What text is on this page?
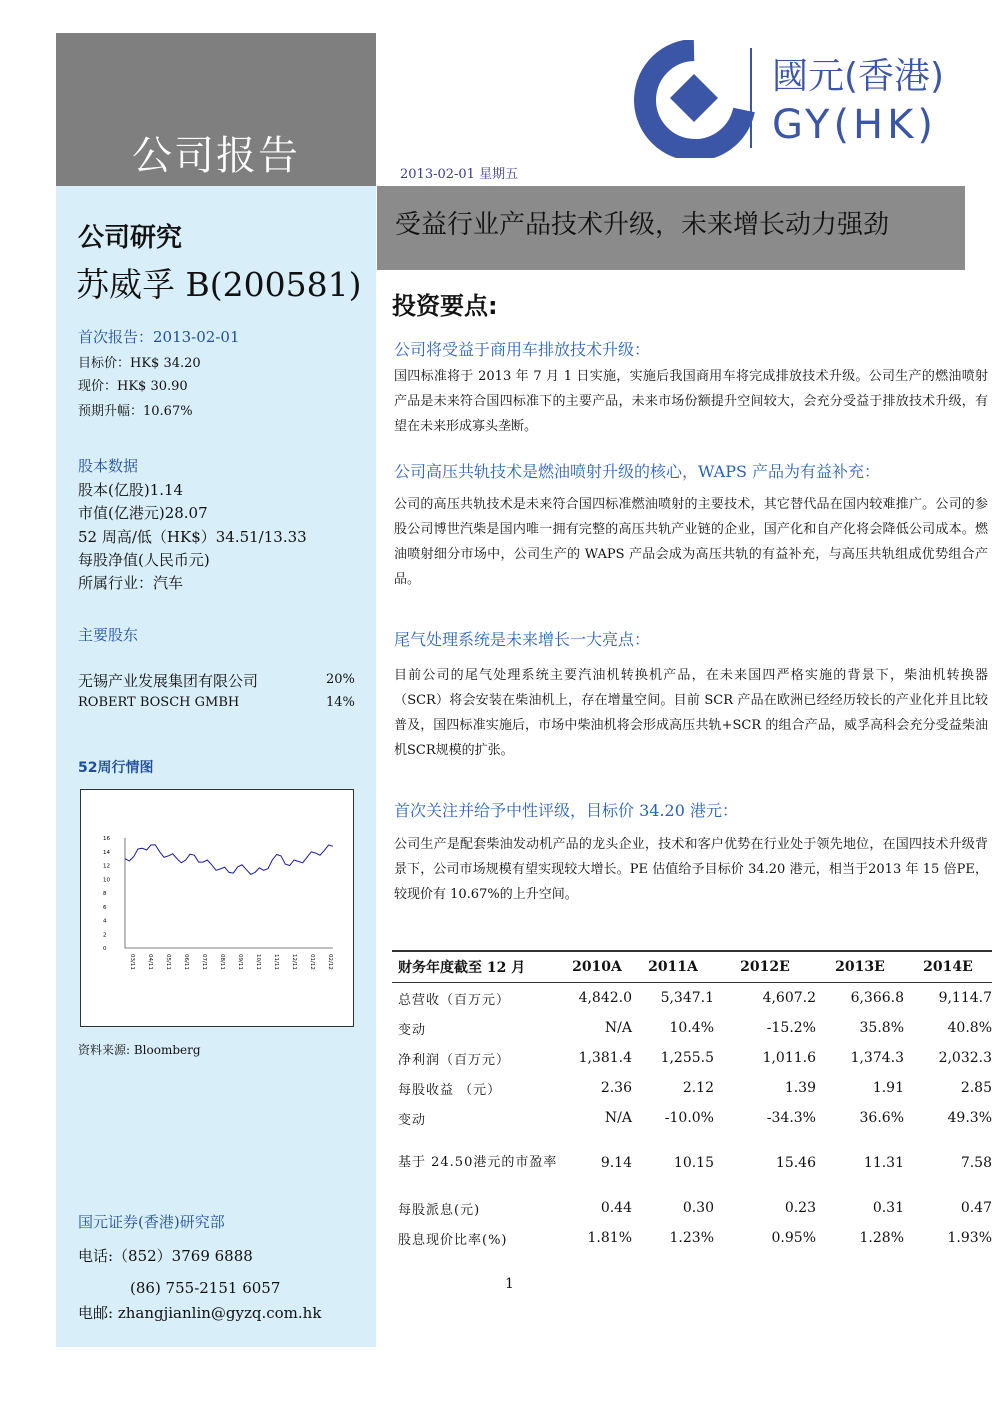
公司报告
國元(香港)
GY(HK)
2013-02-01 星期五
受益行业产品技术升级，未来增长动力强劲
公司研究
苏威孚 B(200581)
首次报告：2013-02-01
目标价：HK$ 34.20
现价：HK$ 30.90
预期升幅：10.67%
股本数据
股本(亿股)1.14
市值(亿港元)28.07
52 周高/低（HK$）34.51/13.33
每股净值(人民币元)
所属行业：汽车
主要股东
无锡产业发展集团有限公司	20%
ROBERT BOSCH GMBH	14%
52周行情图
16
14
12
10
8
6
4
2
0
03/11 04/11 05/11 06/11 07/11 08/11 09/11 10/11 11/11 12/11 01/12 02/12
资料来源: Bloomberg
国元证券(香港)研究部
电话:（852）3769 6888
(86) 755-2151 6057
电邮: zhangjianlin@gyzq.com.hk
投资要点:
公司将受益于商用车排放技术升级：
国四标准将于 2013 年 7 月 1 日实施，实施后我国商用车将完成排放技术升级。公司生产的燃油喷射产品是未来符合国四标准下的主要产品，未来市场份额提升空间较大，会充分受益于排放技术升级，有望在未来形成寡头垄断。
公司高压共轨技术是燃油喷射升级的核心，WAPS 产品为有益补充：
公司的高压共轨技术是未来符合国四标准燃油喷射的主要技术，其它替代品在国内较难推广。公司的参股公司博世汽柴是国内唯一拥有完整的高压共轨产业链的企业，国产化和自产化将会降低公司成本。燃油喷射细分市场中，公司生产的 WAPS 产品会成为高压共轨的有益补充，与高压共轨组成优势组合产品。
尾气处理系统是未来增长一大亮点：
目前公司的尾气处理系统主要汽油机转换机产品，在未来国四严格实施的背景下，柴油机转换器（SCR）将会安装在柴油机上，存在增量空间。目前 SCR 产品在欧洲已经经历较长的产业化并且比较普及，国四标准实施后，市场中柴油机将会形成高压共轨+SCR 的组合产品，威孚高科会充分受益柴油机SCR规模的扩张。
首次关注并给予中性评级，目标价 34.20 港元：
公司生产是配套柴油发动机产品的龙头企业，技术和客户优势在行业处于领先地位，在国四技术升级背景下，公司市场规模有望实现较大增长。PE 估值给予目标价 34.20 港元，相当于2013 年 15 倍PE，较现价有 10.67%的上升空间。
财务年度截至 12 月	2010A	2011A	2012E	2013E	2014E
总营收（百万元）	4,842.0	5,347.1	4,607.2	6,366.8	9,114.7
变动	N/A	10.4%	-15.2%	35.8%	40.8%
净利润（百万元）	1,381.4	1,255.5	1,011.6	1,374.3	2,032.3
每股收益 （元）	2.36	2.12	1.39	1.91	2.85
变动	N/A	-10.0%	-34.3%	36.6%	49.3%
基于 24.50港元的市盈率	9.14	10.15	15.46	11.31	7.58
每股派息(元)	0.44	0.30	0.23	0.31	0.47
股息现价比率(%)	1.81%	1.23%	0.95%	1.28%	1.93%
1
